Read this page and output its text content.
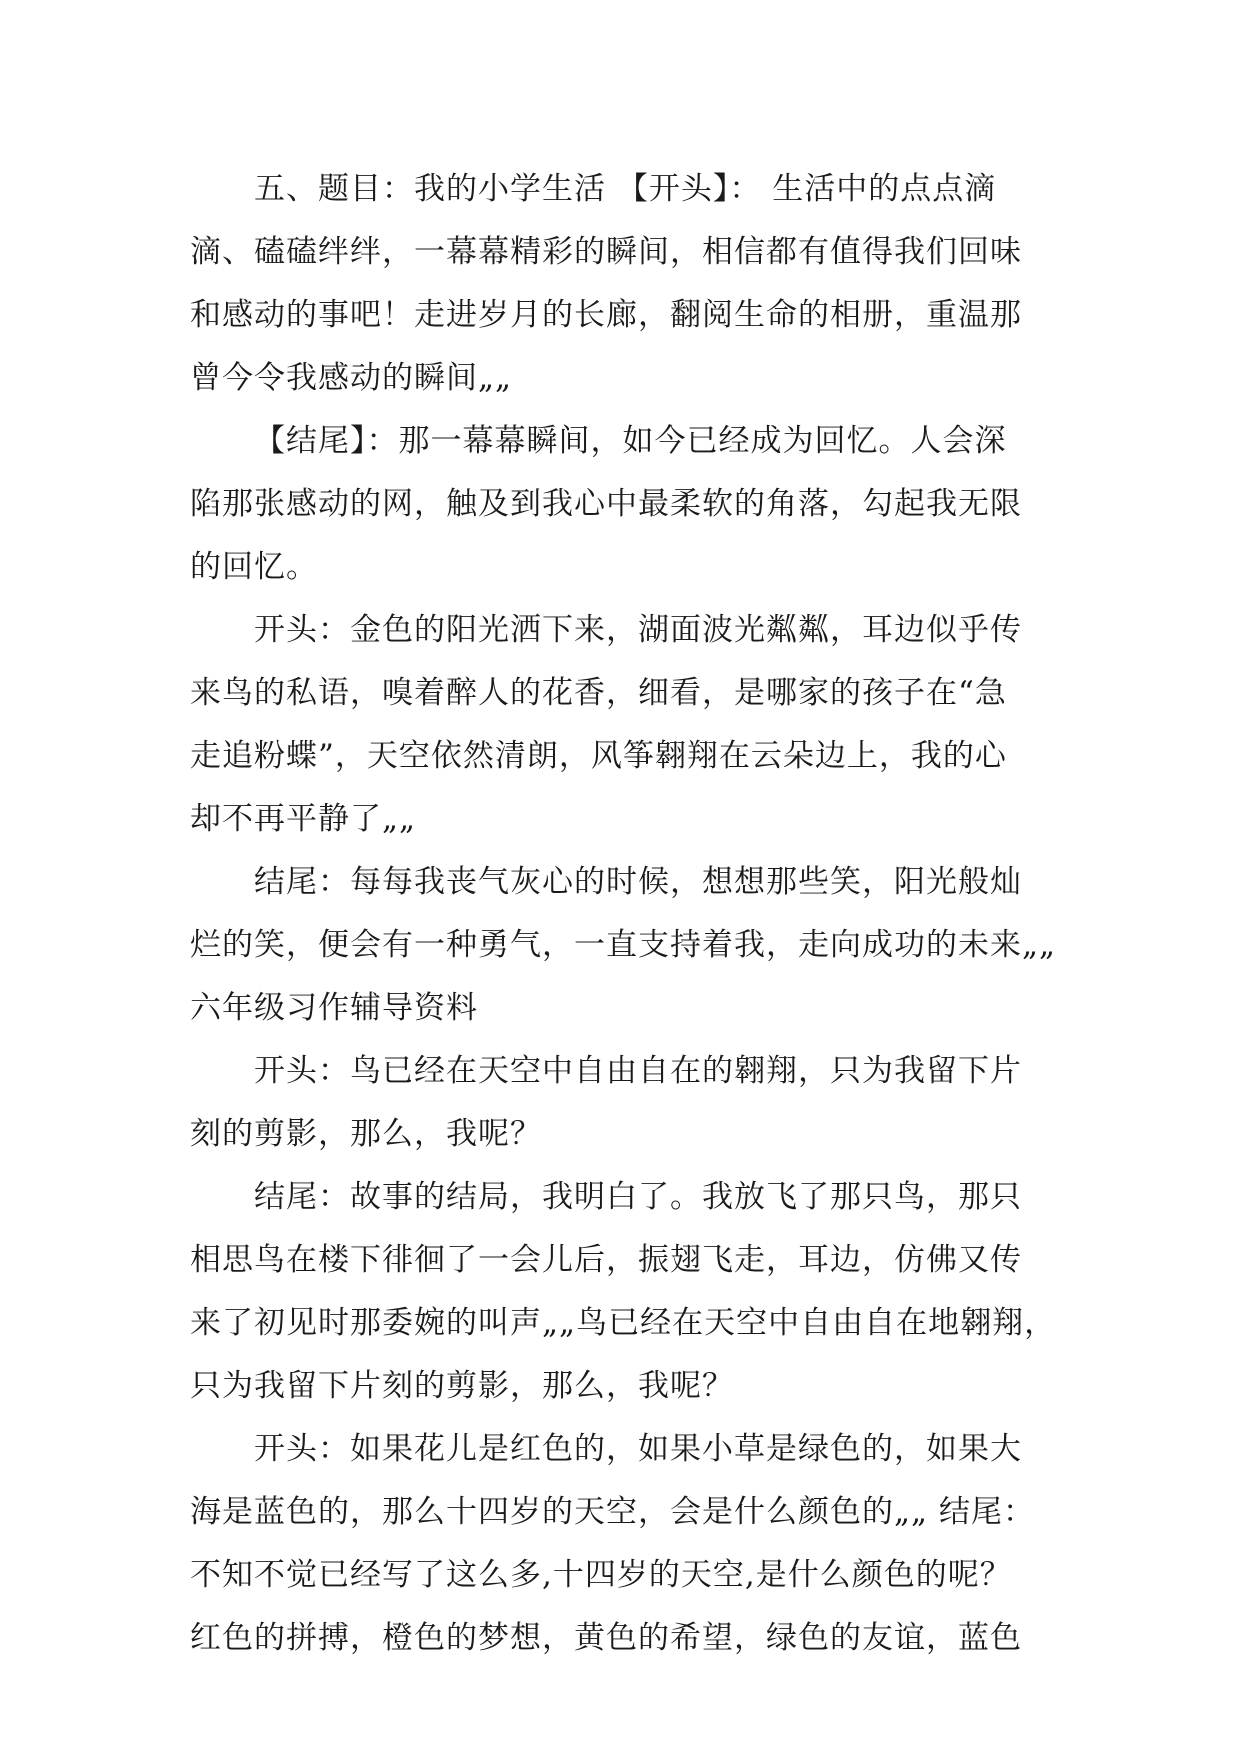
五、题目：我的小学生活 【开头】： 生活中的点点滴
滴、磕磕绊绊，一幕幕精彩的瞬间，相信都有值得我们回味
和感动的事吧！走进岁月的长廊，翻阅生命的相册，重温那
曾今令我感动的瞬间„„
【结尾】：那一幕幕瞬间，如今已经成为回忆。人会深
陷那张感动的网，触及到我心中最柔软的角落，勾起我无限
的回忆。
开头：金色的阳光洒下来，湖面波光粼粼，耳边似乎传
来鸟的私语，嗅着醉人的花香，细看，是哪家的孩子在“急
走追粉蝶”，天空依然清朗，风筝翱翔在云朵边上，我的心
却不再平静了„„
结尾：每每我丧气灰心的时候，想想那些笑，阳光般灿
烂的笑，便会有一种勇气，一直支持着我，走向成功的未来„„
六年级习作辅导资料
开头：鸟已经在天空中自由自在的翱翔，只为我留下片
刻的剪影，那么，我呢？
结尾：故事的结局，我明白了。我放飞了那只鸟，那只
相思鸟在楼下徘徊了一会儿后，振翅飞走，耳边，仿佛又传
来了初见时那委婉的叫声„„鸟已经在天空中自由自在地翱翔，
只为我留下片刻的剪影，那么，我呢？
开头：如果花儿是红色的，如果小草是绿色的，如果大
海是蓝色的，那么十四岁的天空，会是什么颜色的„„ 结尾：
不知不觉已经写了这么多,十四岁的天空,是什么颜色的呢？
红色的拼搏，橙色的梦想，黄色的希望，绿色的友谊，蓝色
